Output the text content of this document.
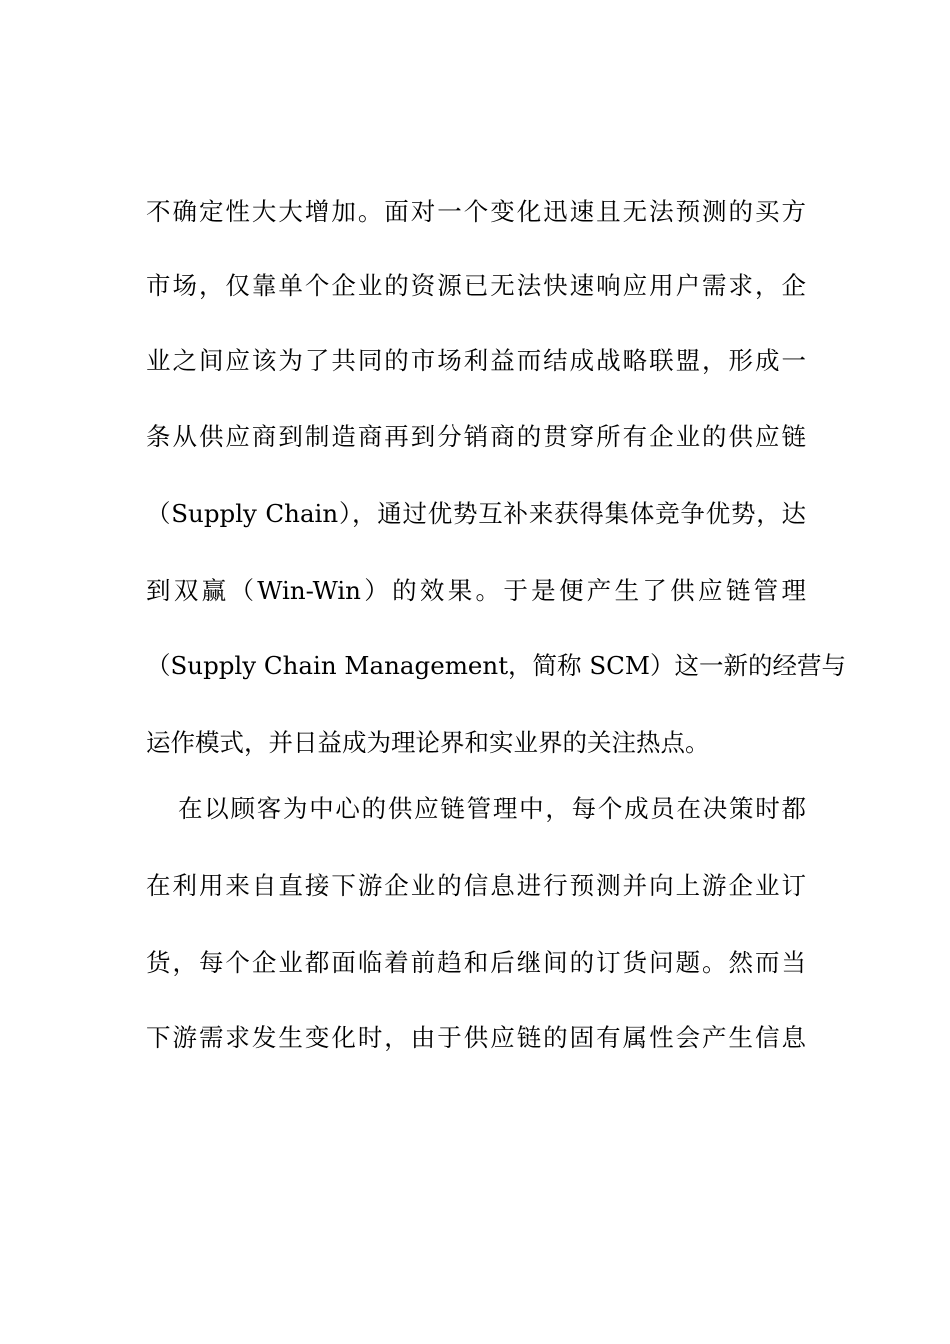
不确定性大大增加。面对一个变化迅速且无法预测的买方
市场，仅靠单个企业的资源已无法快速响应用户需求，企
业之间应该为了共同的市场利益而结成战略联盟，形成一
条从供应商到制造商再到分销商的贯穿所有企业的供应链
（Supply Chain），通过优势互补来获得集体竞争优势，达
到双赢（Win-Win）的效果。于是便产生了供应链管理
（Supply Chain Management，简称 SCM）这一新的经营与
运作模式，并日益成为理论界和实业界的关注热点。
在以顾客为中心的供应链管理中，每个成员在决策时都
在利用来自直接下游企业的信息进行预测并向上游企业订
货，每个企业都面临着前趋和后继间的订货问题。然而当
下游需求发生变化时，由于供应链的固有属性会产生信息
